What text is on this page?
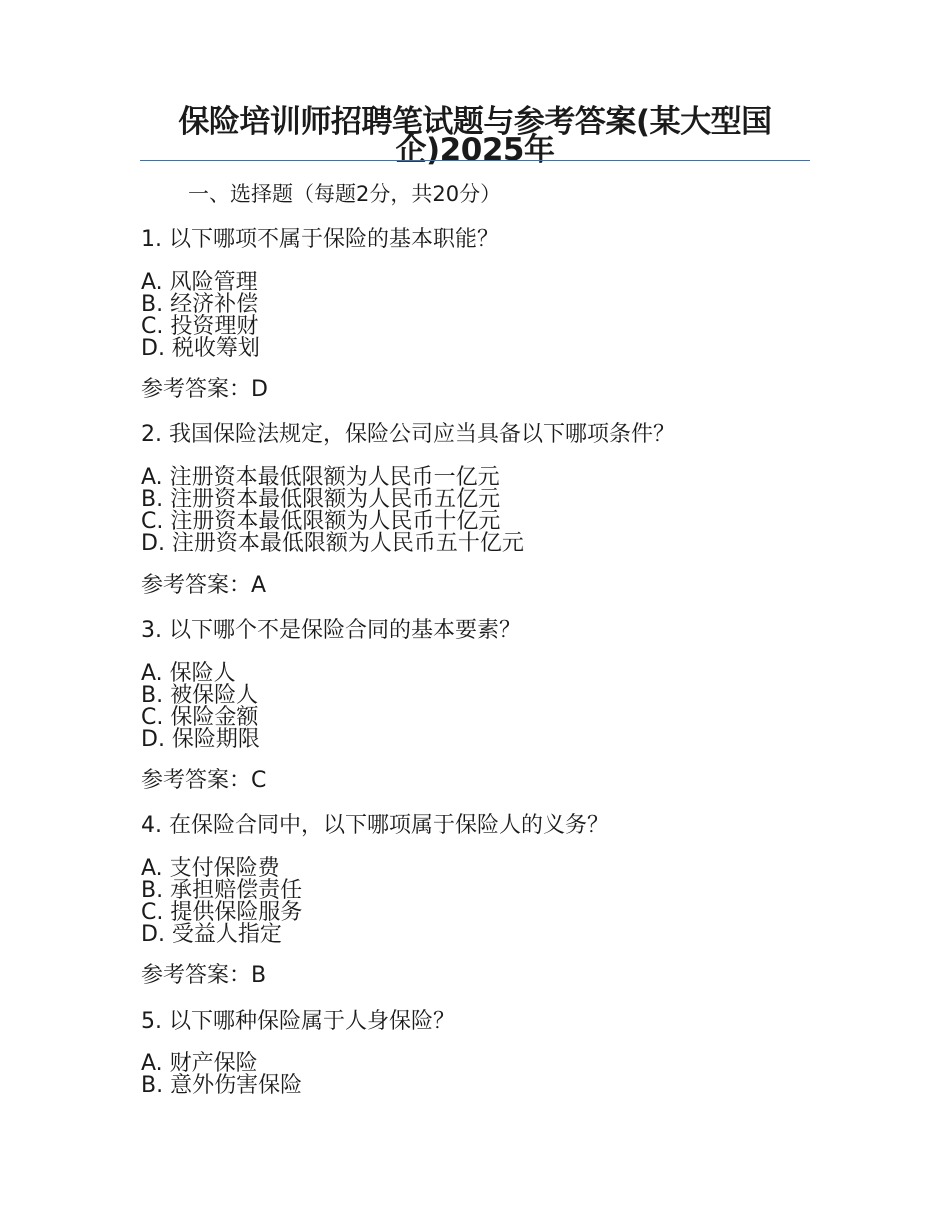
保险培训师招聘笔试题与参考答案(某大型国企)2025年
一、选择题（每题2分，共20分）
1. 以下哪项不属于保险的基本职能？
A. 风险管理
B. 经济补偿
C. 投资理财
D. 税收筹划
参考答案：D
2. 我国保险法规定，保险公司应当具备以下哪项条件？
A. 注册资本最低限额为人民币一亿元
B. 注册资本最低限额为人民币五亿元
C. 注册资本最低限额为人民币十亿元
D. 注册资本最低限额为人民币五十亿元
参考答案：A
3. 以下哪个不是保险合同的基本要素？
A. 保险人
B. 被保险人
C. 保险金额
D. 保险期限
参考答案：C
4. 在保险合同中，以下哪项属于保险人的义务？
A. 支付保险费
B. 承担赔偿责任
C. 提供保险服务
D. 受益人指定
参考答案：B
5. 以下哪种保险属于人身保险？
A. 财产保险
B. 意外伤害保险
